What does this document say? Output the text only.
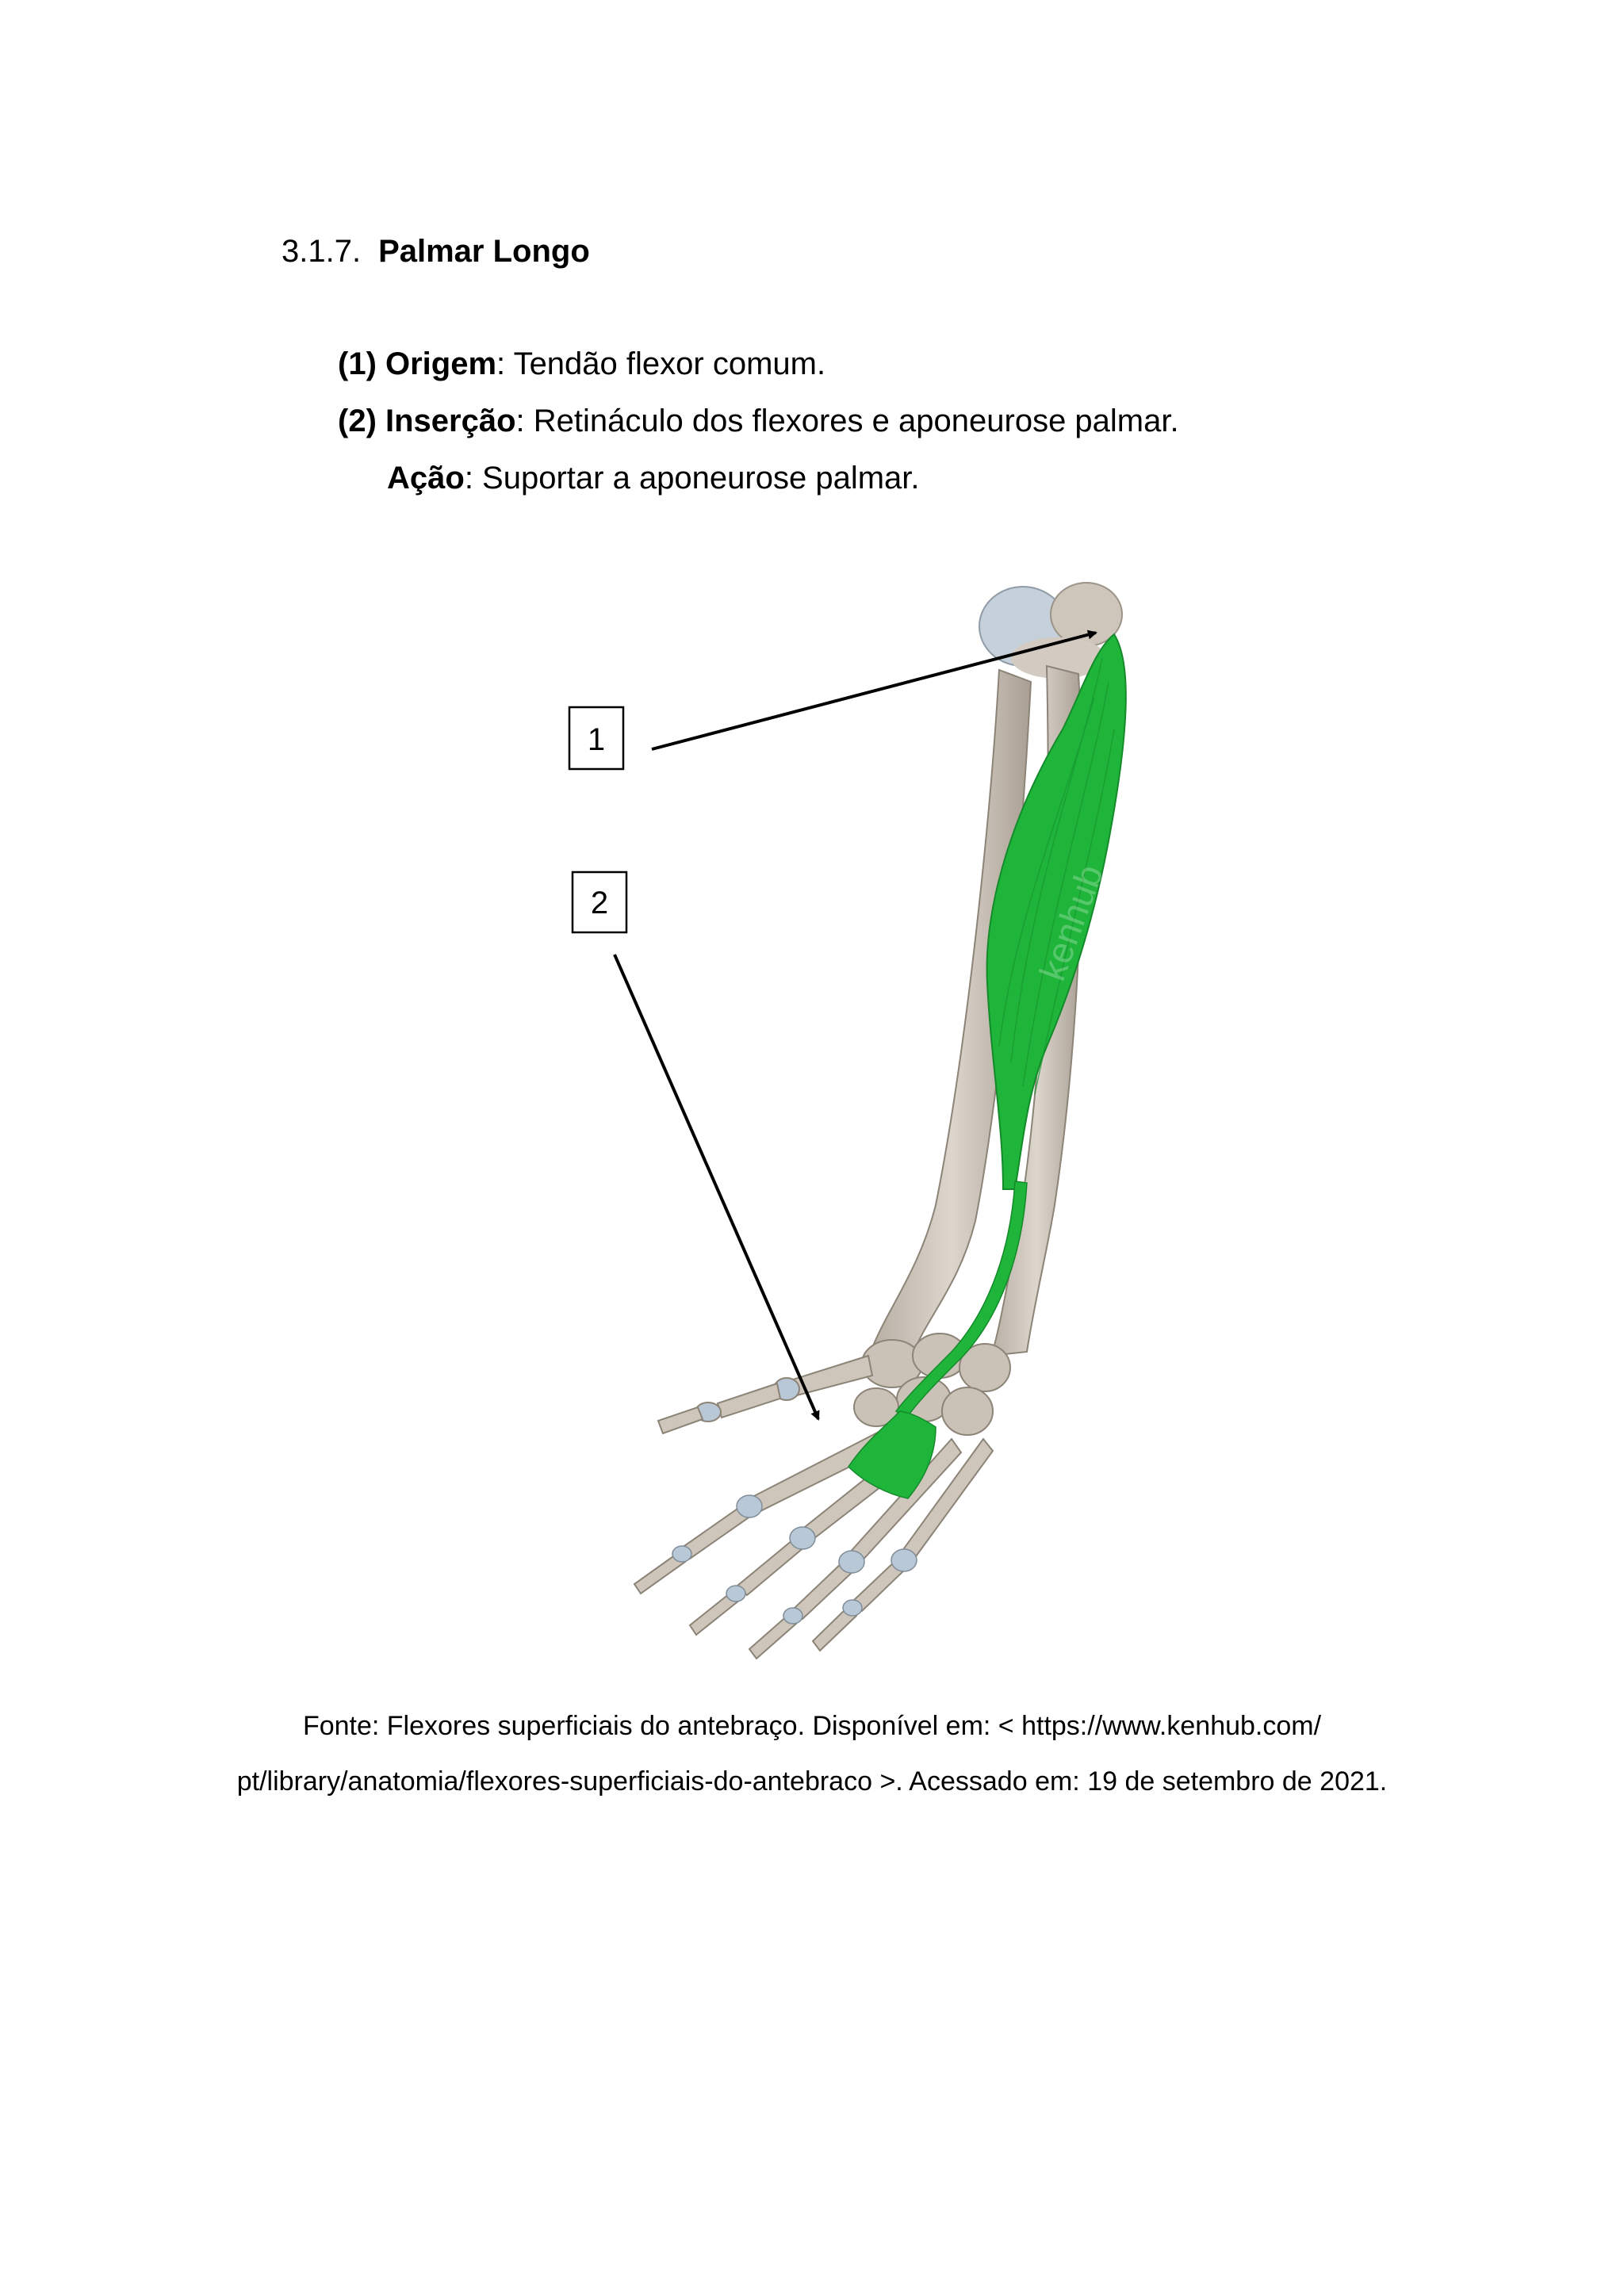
3.1.7. Palmar Longo
(1) Origem: Tendão flexor comum.
(2) Inserção: Retináculo dos flexores e aponeurose palmar.
Ação: Suportar a aponeurose palmar.
kenhub
1
2
Fonte: Flexores superficiais do antebraço. Disponível em: < https://www.kenhub.com/
pt/library/anatomia/flexores-superficiais-do-antebraco >. Acessado em: 19 de setembro de 2021.
